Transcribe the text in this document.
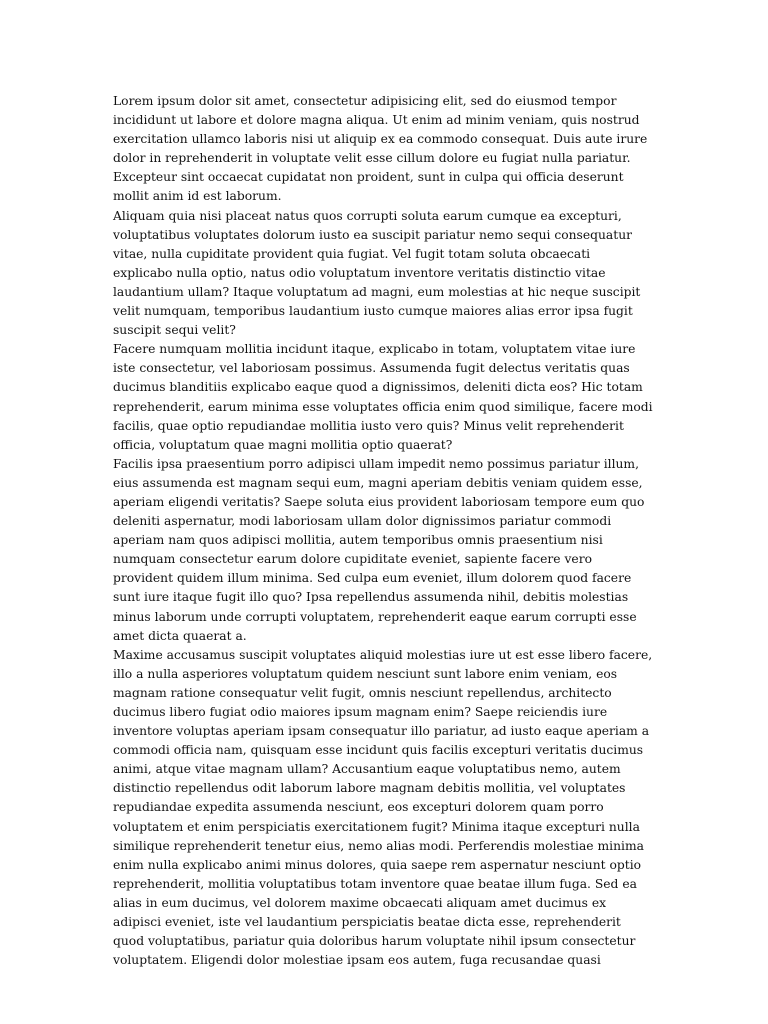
Lorem ipsum dolor sit amet, consectetur adipisicing elit, sed do eiusmod tempor incididunt ut labore et dolore magna aliqua. Ut enim ad minim veniam, quis nostrud exercitation ullamco laboris nisi ut aliquip ex ea commodo consequat. Duis aute irure dolor in reprehenderit in voluptate velit esse cillum dolore eu fugiat nulla pariatur. Excepteur sint occaecat cupidatat non proident, sunt in culpa qui officia deserunt mollit anim id est laborum.

Aliquam quia nisi placeat natus quos corrupti soluta earum cumque ea excepturi, voluptatibus voluptates dolorum iusto ea suscipit pariatur nemo sequi consequatur vitae, nulla cupiditate provident quia fugiat. Vel fugit totam soluta obcaecati explicabo nulla optio, natus odio voluptatum inventore veritatis distinctio vitae laudantium ullam? Itaque voluptatum ad magni, eum molestias at hic neque suscipit velit numquam, temporibus laudantium iusto cumque maiores alias error ipsa fugit suscipit sequi velit?

Facere numquam mollitia incidunt itaque, explicabo in totam, voluptatem vitae iure iste consectetur, vel laboriosam possimus. Assumenda fugit delectus veritatis quas ducimus blanditiis explicabo eaque quod a dignissimos, deleniti dicta eos? Hic totam reprehenderit, earum minima esse voluptates officia enim quod similique, facere modi facilis, quae optio repudiandae mollitia iusto vero quis? Minus velit reprehenderit officia, voluptatum quae magni mollitia optio quaerat?

Facilis ipsa praesentium porro adipisci ullam impedit nemo possimus pariatur illum, eius assumenda est magnam sequi eum, magni aperiam debitis veniam quidem esse, aperiam eligendi veritatis? Saepe soluta eius provident laboriosam tempore eum quo deleniti aspernatur, modi laboriosam ullam dolor dignissimos pariatur commodi aperiam nam quos adipisci mollitia, autem temporibus omnis praesentium nisi numquam consectetur earum dolore cupiditate eveniet, sapiente facere vero provident quidem illum minima. Sed culpa eum eveniet, illum dolorem quod facere sunt iure itaque fugit illo quo? Ipsa repellendus assumenda nihil, debitis molestias minus laborum unde corrupti voluptatem, reprehenderit eaque earum corrupti esse amet dicta quaerat a.

Maxime accusamus suscipit voluptates aliquid molestias iure ut est esse libero facere, illo a nulla asperiores voluptatum quidem nesciunt sunt labore enim veniam, eos magnam ratione consequatur velit fugit, omnis nesciunt repellendus, architecto ducimus libero fugiat odio maiores ipsum magnam enim? Saepe reiciendis iure inventore voluptas aperiam ipsam consequatur illo pariatur, ad iusto eaque aperiam a commodi officia nam, quisquam esse incidunt quis facilis excepturi veritatis ducimus animi, atque vitae magnam ullam? Accusantium eaque voluptatibus nemo, autem distinctio repellendus odit laborum labore magnam debitis mollitia, vel voluptates repudiandae expedita assumenda nesciunt, eos excepturi dolorem quam porro voluptatem et enim perspiciatis exercitationem fugit? Minima itaque excepturi nulla similique reprehenderit tenetur eius, nemo alias modi. Perferendis molestiae minima enim nulla explicabo animi minus dolores, quia saepe rem aspernatur nesciunt optio reprehenderit, mollitia voluptatibus totam inventore quae beatae illum fuga. Sed ea alias in eum ducimus, vel dolorem maxime obcaecati aliquam amet ducimus ex adipisci eveniet, iste vel laudantium perspiciatis beatae dicta esse, reprehenderit quod voluptatibus, pariatur quia doloribus harum voluptate nihil ipsum consectetur voluptatem. Eligendi dolor molestiae ipsam eos autem, fuga recusandae quasi
